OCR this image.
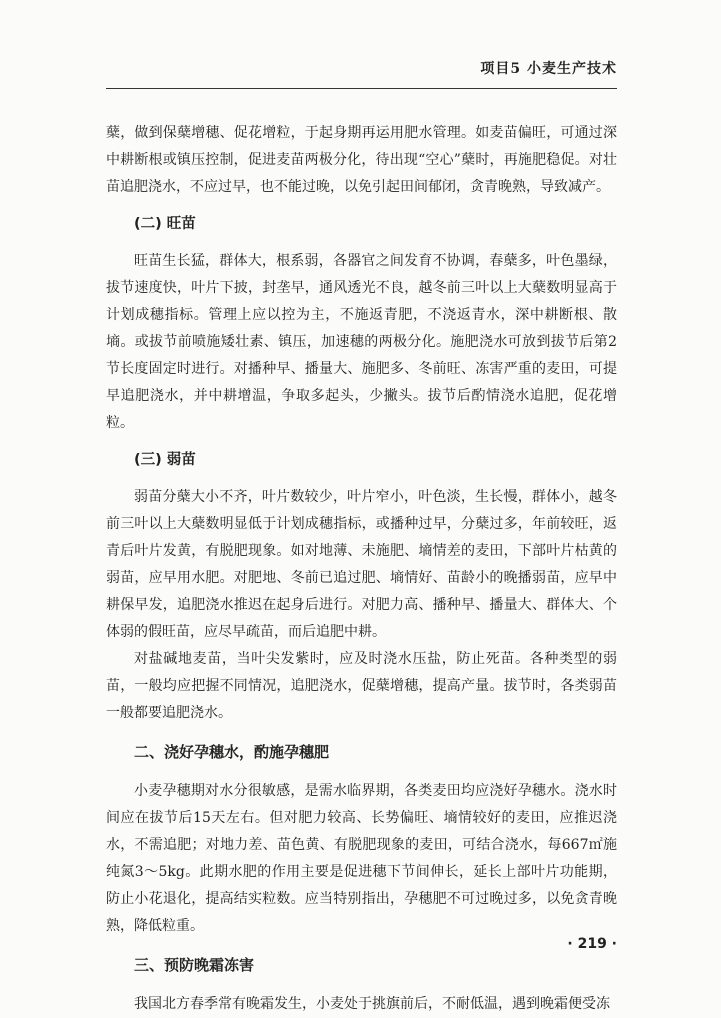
项目5 小麦生产技术

蘖，做到保蘖增穗、促花增粒，于起身期再运用肥水管理。如麦苗偏旺，可通过深中耕断根或镇压控制，促进麦苗两极分化，待出现“空心”蘖时，再施肥稳促。对壮苗追肥浇水，不应过早，也不能过晚，以免引起田间郁闭，贪青晚熟，导致减产。

(二) 旺苗

旺苗生长猛，群体大，根系弱，各器官之间发育不协调，春蘖多，叶色墨绿，拔节速度快，叶片下披，封垄早，通风透光不良，越冬前三叶以上大蘖数明显高于计划成穗指标。管理上应以控为主，不施返青肥，不浇返青水，深中耕断根、散墒。或拔节前喷施矮壮素、镇压，加速穗的两极分化。施肥浇水可放到拔节后第2节长度固定时进行。对播种早、播量大、施肥多、冬前旺、冻害严重的麦田，可提早追肥浇水，并中耕增温，争取多起头，少撇头。拔节后酌情浇水追肥，促花增粒。

(三) 弱苗

弱苗分蘖大小不齐，叶片数较少，叶片窄小，叶色淡，生长慢，群体小，越冬前三叶以上大蘖数明显低于计划成穗指标，或播种过早，分蘖过多，年前较旺，返青后叶片发黄，有脱肥现象。如对地薄、未施肥、墒情差的麦田，下部叶片枯黄的弱苗，应早用水肥。对肥地、冬前已追过肥、墒情好、苗龄小的晚播弱苗，应早中耕保早发，追肥浇水推迟在起身后进行。对肥力高、播种早、播量大、群体大、个体弱的假旺苗，应尽早疏苗，而后追肥中耕。

对盐碱地麦苗，当叶尖发紫时，应及时浇水压盐，防止死苗。各种类型的弱苗，一般均应把握不同情况，追肥浇水，促蘖增穗，提高产量。拔节时，各类弱苗一般都要追肥浇水。

二、浇好孕穗水，酌施孕穗肥

小麦孕穗期对水分很敏感，是需水临界期，各类麦田均应浇好孕穗水。浇水时间应在拔节后15天左右。但对肥力较高、长势偏旺、墒情较好的麦田，应推迟浇水，不需追肥；对地力差、苗色黄、有脱肥现象的麦田，可结合浇水，每667㎡施纯氮3～5kg。此期水肥的作用主要是促进穗下节间伸长，延长上部叶片功能期，防止小花退化，提高结实粒数。应当特别指出，孕穗肥不可过晚过多，以免贪青晚熟，降低粒重。

三、预防晚霜冻害

我国北方春季常有晚霜发生，小麦处于挑旗前后，不耐低温，遇到晚霜便受冻

· 219 ·
